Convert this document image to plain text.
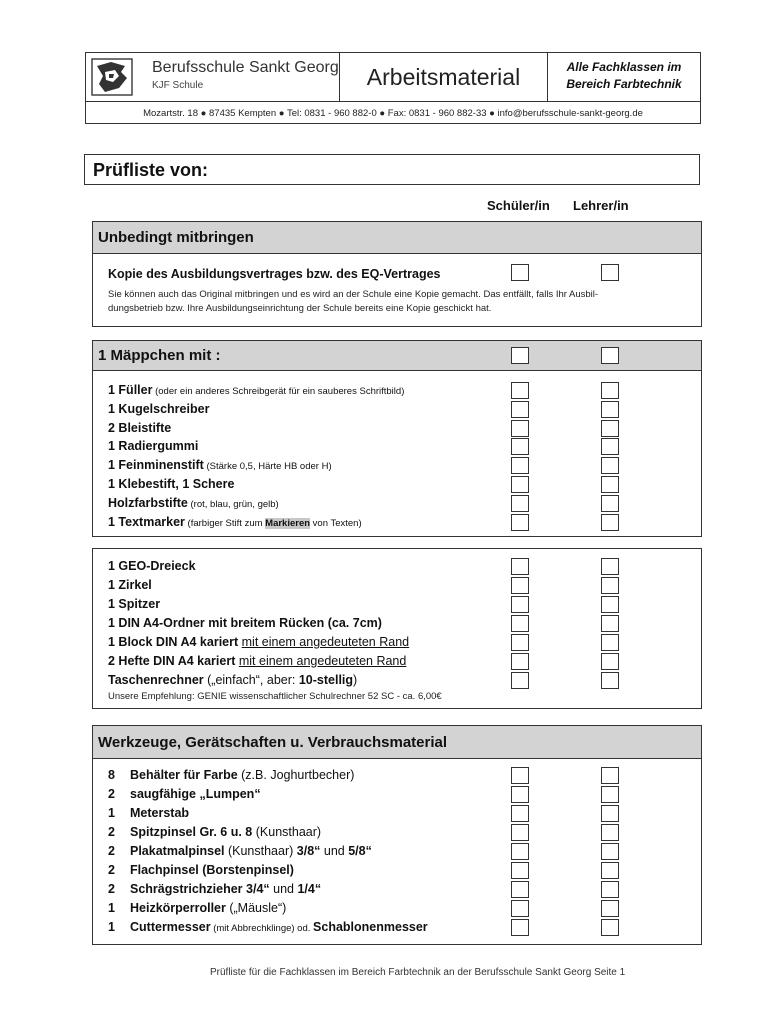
Berufsschule Sankt Georg
KJF Schule	Arbeitsmaterial	Alle Fachklassen im
Bereich Farbtechnik
Mozartstr. 18 ● 87435 Kempten ● Tel: 0831 - 960 882-0 ● Fax: 0831 - 960 882-33 ● info@berufsschule-sankt-georg.de
Prüfliste von:
Schüler/in Lehrer/in
Unbedingt mitbringen
Kopie des Ausbildungsvertrages bzw. des EQ-Vertrages
Sie können auch das Original mitbringen und es wird an der Schule eine Kopie gemacht. Das entfällt, falls Ihr Ausbil-
dungsbetrieb bzw. Ihre Ausbildungseinrichtung der Schule bereits eine Kopie geschickt hat.
1 Mäppchen mit :
1 Füller (oder ein anderes Schreibgerät für ein sauberes Schriftbild)
1 Kugelschreiber
2 Bleistifte
1 Radiergummi
1 Feinminenstift (Stärke 0,5, Härte HB oder H)
1 Klebestift, 1 Schere
Holzfarbstifte (rot, blau, grün, gelb)
1 Textmarker (farbiger Stift zum Markieren von Texten)
1 GEO-Dreieck
1 Zirkel
1 Spitzer
1 DIN A4-Ordner mit breitem Rücken (ca. 7cm)
1 Block DIN A4 kariert mit einem angedeuteten Rand
2 Hefte DIN A4 kariert mit einem angedeuteten Rand
Taschenrechner („einfach“, aber: 10-stellig)
Unsere Empfehlung: GENIE wissenschaftlicher Schulrechner 52 SC - ca. 6,00€
Werkzeuge, Gerätschaften u. Verbrauchsmaterial
8 Behälter für Farbe (z.B. Joghurtbecher)
2 saugfähige „Lumpen“
1 Meterstab
2 Spitzpinsel Gr. 6 u. 8 (Kunsthaar)
2 Plakatmalpinsel (Kunsthaar) 3/8“ und 5/8“
2 Flachpinsel (Borstenpinsel)
2 Schrägstrichzieher 3/4“ und 1/4“
1 Heizkörperroller („Mäusle“)
1 Cuttermesser (mit Abbrechklinge) od. Schablonenmesser
Prüfliste für die Fachklassen im Bereich Farbtechnik an der Berufsschule Sankt Georg Seite 1
